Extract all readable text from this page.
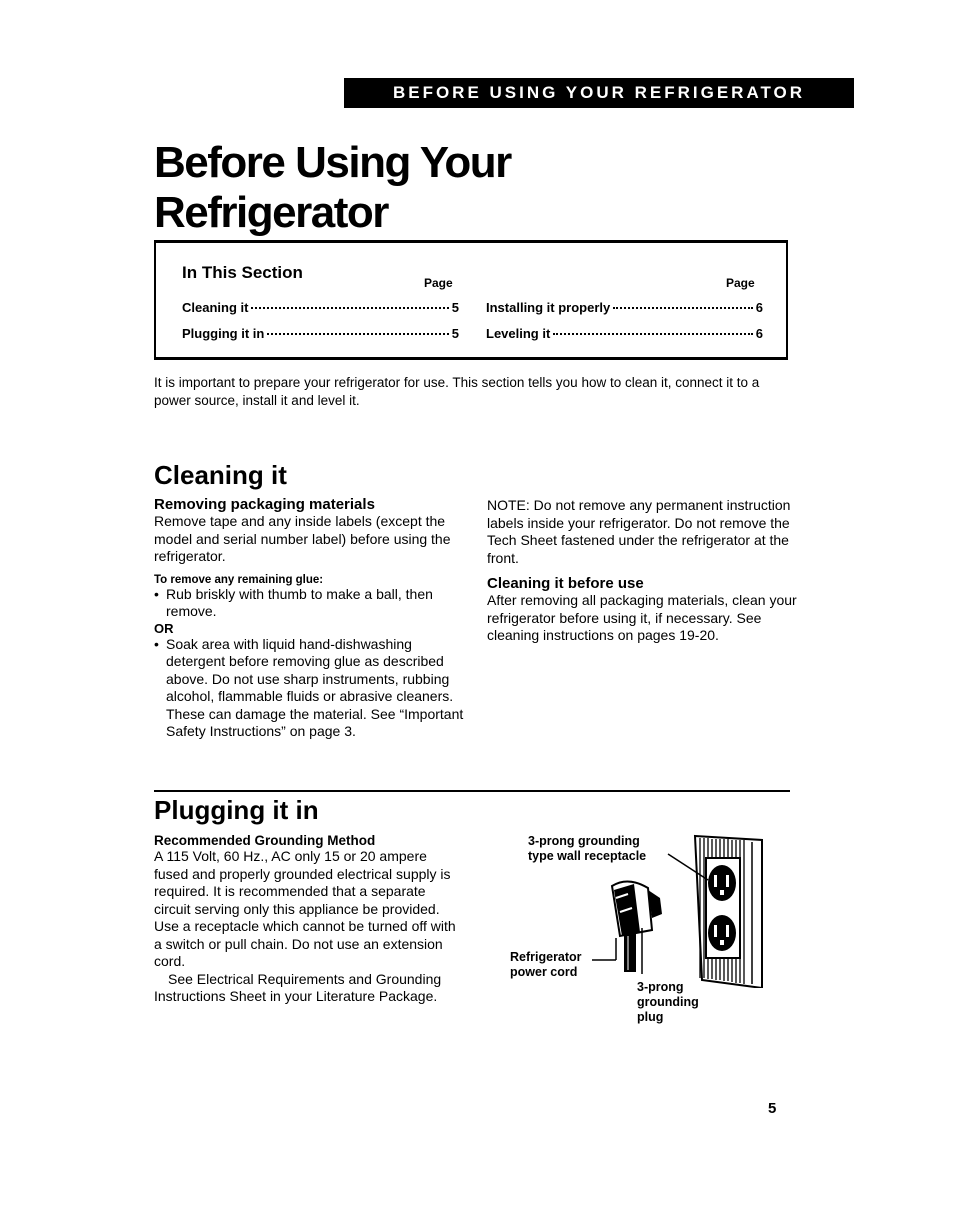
BEFORE USING YOUR REFRIGERATOR
Before Using Your
Refrigerator
In This Section
Page	Page
Cleaning it	5
Plugging it in	5
Installing it properly	6
Leveling it	6
It is important to prepare your refrigerator for use. This section tells you how to clean it, connect it to a power source, install it and level it.
Cleaning it
Removing packaging materials
Remove tape and any inside labels (except the model and serial number label) before using the refrigerator.
To remove any remaining glue:
• Rub briskly with thumb to make a ball, then remove.
OR
• Soak area with liquid hand-dishwashing detergent before removing glue as described above. Do not use sharp instruments, rubbing alcohol, flammable fluids or abrasive cleaners. These can damage the material. See “Important Safety Instructions” on page 3.
NOTE: Do not remove any permanent instruction labels inside your refrigerator. Do not remove the Tech Sheet fastened under the refrigerator at the front.
Cleaning it before use
After removing all packaging materials, clean your refrigerator before using it, if necessary. See cleaning instructions on pages 19-20.
Plugging it in
Recommended Grounding Method
A 115 Volt, 60 Hz., AC only 15 or 20 ampere fused and properly grounded electrical supply is required. It is recommended that a separate circuit serving only this appliance be provided. Use a receptacle which cannot be turned off with a switch or pull chain. Do not use an extension cord.
See Electrical Requirements and Grounding Instructions Sheet in your Literature Package.
3-prong grounding
type wall receptacle
Refrigerator
power cord
3-prong
grounding
plug
5
